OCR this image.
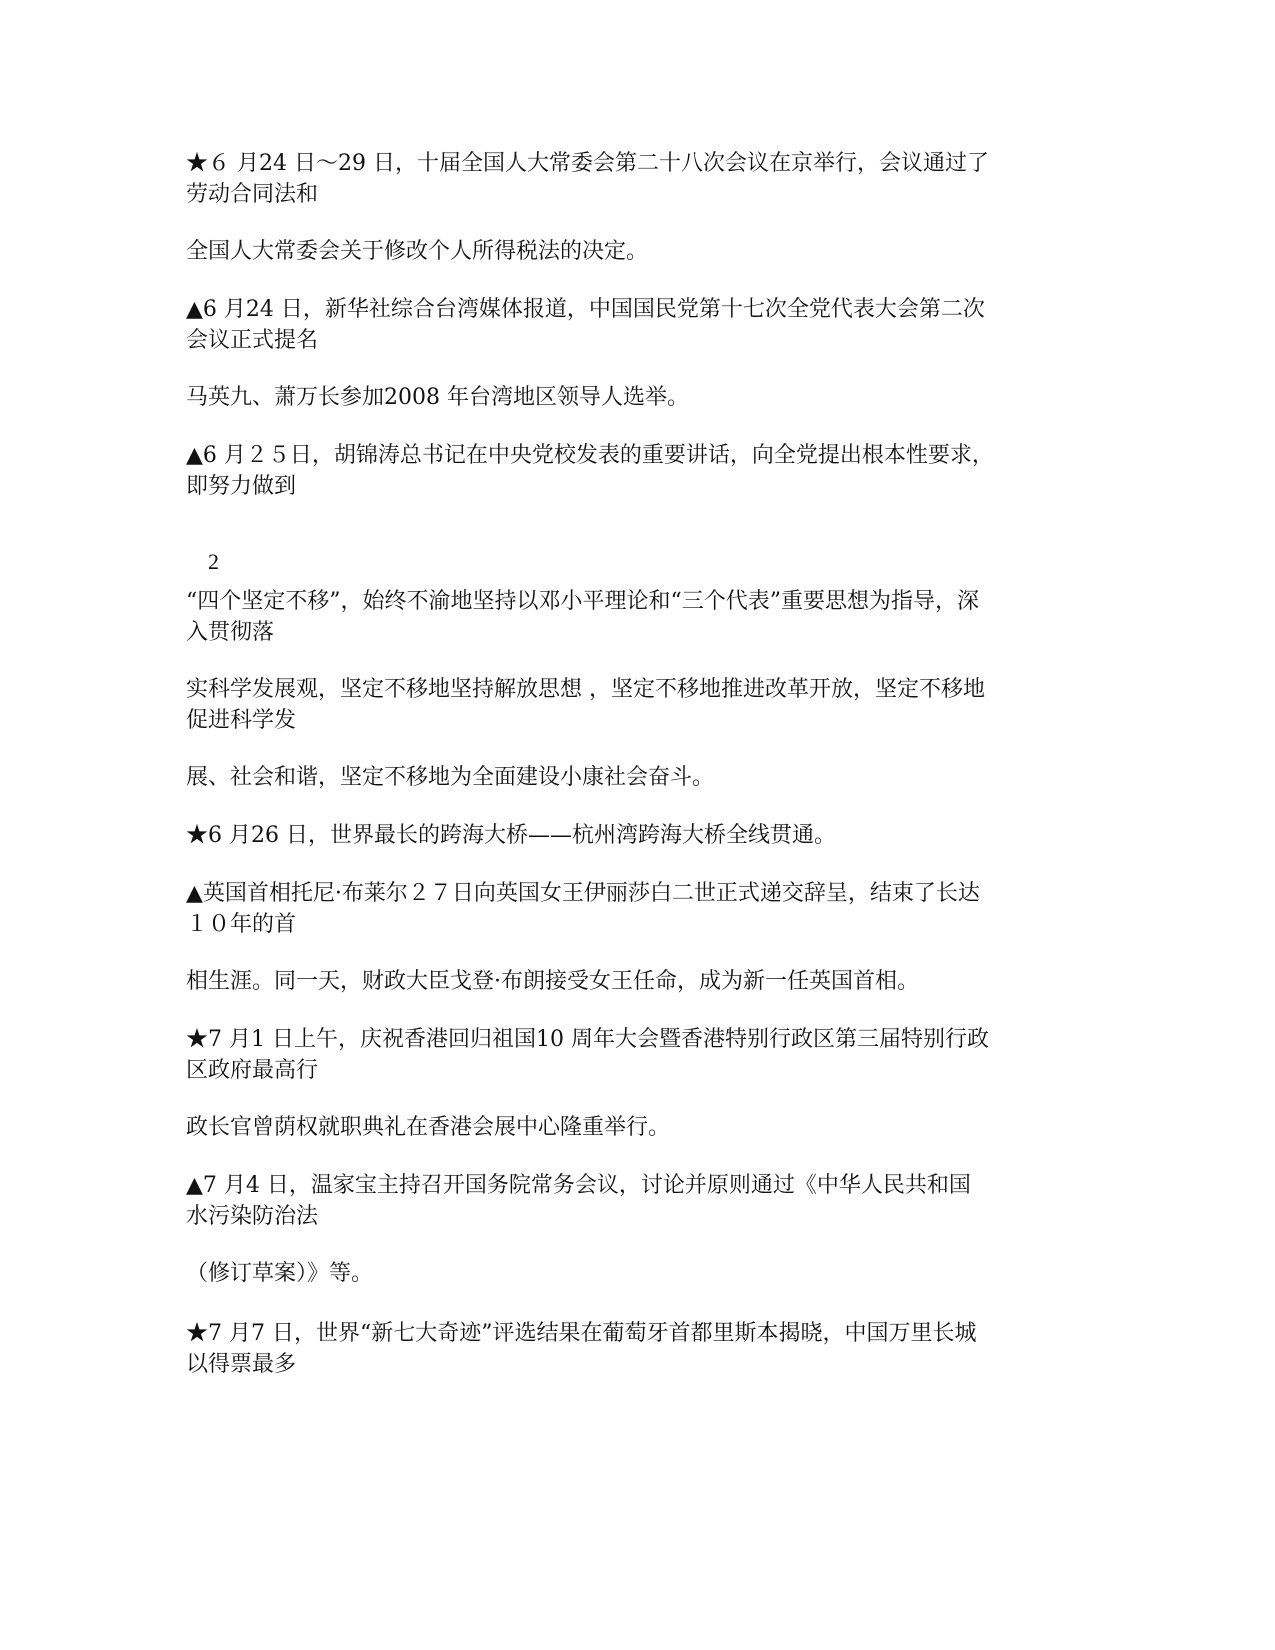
★６ 月24 日～29 日，十届全国人大常委会第二十八次会议在京举行，会议通过了
劳动合同法和

全国人大常委会关于修改个人所得税法的决定。

▲6 月24 日，新华社综合台湾媒体报道，中国国民党第十七次全党代表大会第二次
会议正式提名

马英九、萧万长参加2008 年台湾地区领导人选举。

▲6 月２５日，胡锦涛总书记在中央党校发表的重要讲话，向全党提出根本性要求，
即努力做到

2

“四个坚定不移”，始终不渝地坚持以邓小平理论和“三个代表”重要思想为指导，深
入贯彻落

实科学发展观，坚定不移地坚持解放思想 ，坚定不移地推进改革开放，坚定不移地
促进科学发

展、社会和谐，坚定不移地为全面建设小康社会奋斗。

★6 月26 日，世界最长的跨海大桥——杭州湾跨海大桥全线贯通。

▲英国首相托尼·布莱尔２７日向英国女王伊丽莎白二世正式递交辞呈，结束了长达
１０年的首

相生涯。同一天，财政大臣戈登·布朗接受女王任命，成为新一任英国首相。

★7 月1 日上午，庆祝香港回归祖国10 周年大会暨香港特别行政区第三届特别行政
区政府最高行

政长官曾荫权就职典礼在香港会展中心隆重举行。

▲7 月4 日，温家宝主持召开国务院常务会议，讨论并原则通过《中华人民共和国
水污染防治法

（修订草案）》等。

★7 月7 日，世界“新七大奇迹”评选结果在葡萄牙首都里斯本揭晓，中国万里长城
以得票最多
